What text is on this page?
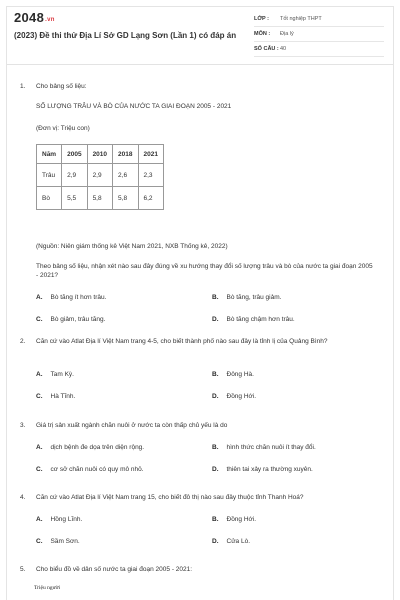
2048.vn
(2023) Đề thi thử Địa Lí Sở GD Lạng Sơn (Lần 1) có đáp án
LỚP :	Tốt nghiệp THPT
MÔN :	Địa lý
SỐ CÂU : 40
1. Cho bảng số liệu:
SỐ LƯỢNG TRÂU VÀ BÒ CỦA NƯỚC TA GIAI ĐOẠN 2005 - 2021
(Đơn vị: Triệu con)
Năm	2005	2010	2018	2021
Trâu	2,9	2,9	2,6	2,3
Bò	5,5	5,8	5,8	6,2
(Nguồn: Niên giám thống kê Việt Nam 2021, NXB Thống kê, 2022)
Theo bảng số liệu, nhận xét nào sau đây đúng về xu hướng thay đổi số lượng trâu và bò của nước ta giai đoạn 2005 - 2021?
A. Bò tăng ít hơn trâu.	B. Bò tăng, trâu giảm.
C. Bò giảm, trâu tăng.	D. Bò tăng chậm hơn trâu.
2. Căn cứ vào Atlat Địa lí Việt Nam trang 4-5, cho biết thành phố nào sau đây là tỉnh lị của Quảng Bình?
A. Tam Kỳ.	B. Đông Hà.
C. Hà Tĩnh.	D. Đồng Hới.
3. Giá trị sản xuất ngành chăn nuôi ở nước ta còn thấp chủ yếu là do
A. dịch bệnh đe dọa trên diện rộng.	B. hình thức chăn nuôi ít thay đổi.
C. cơ sở chăn nuôi có quy mô nhỏ.	D. thiên tai xảy ra thường xuyên.
4. Căn cứ vào Atlat Địa lí Việt Nam trang 15, cho biết đô thị nào sau đây thuộc tỉnh Thanh Hoá?
A. Hồng Lĩnh.	B. Đồng Hới.
C. Sầm Sơn.	D. Cửa Lò.
5. Cho biểu đồ về dân số nước ta giai đoạn 2005 - 2021:
Triệu người
